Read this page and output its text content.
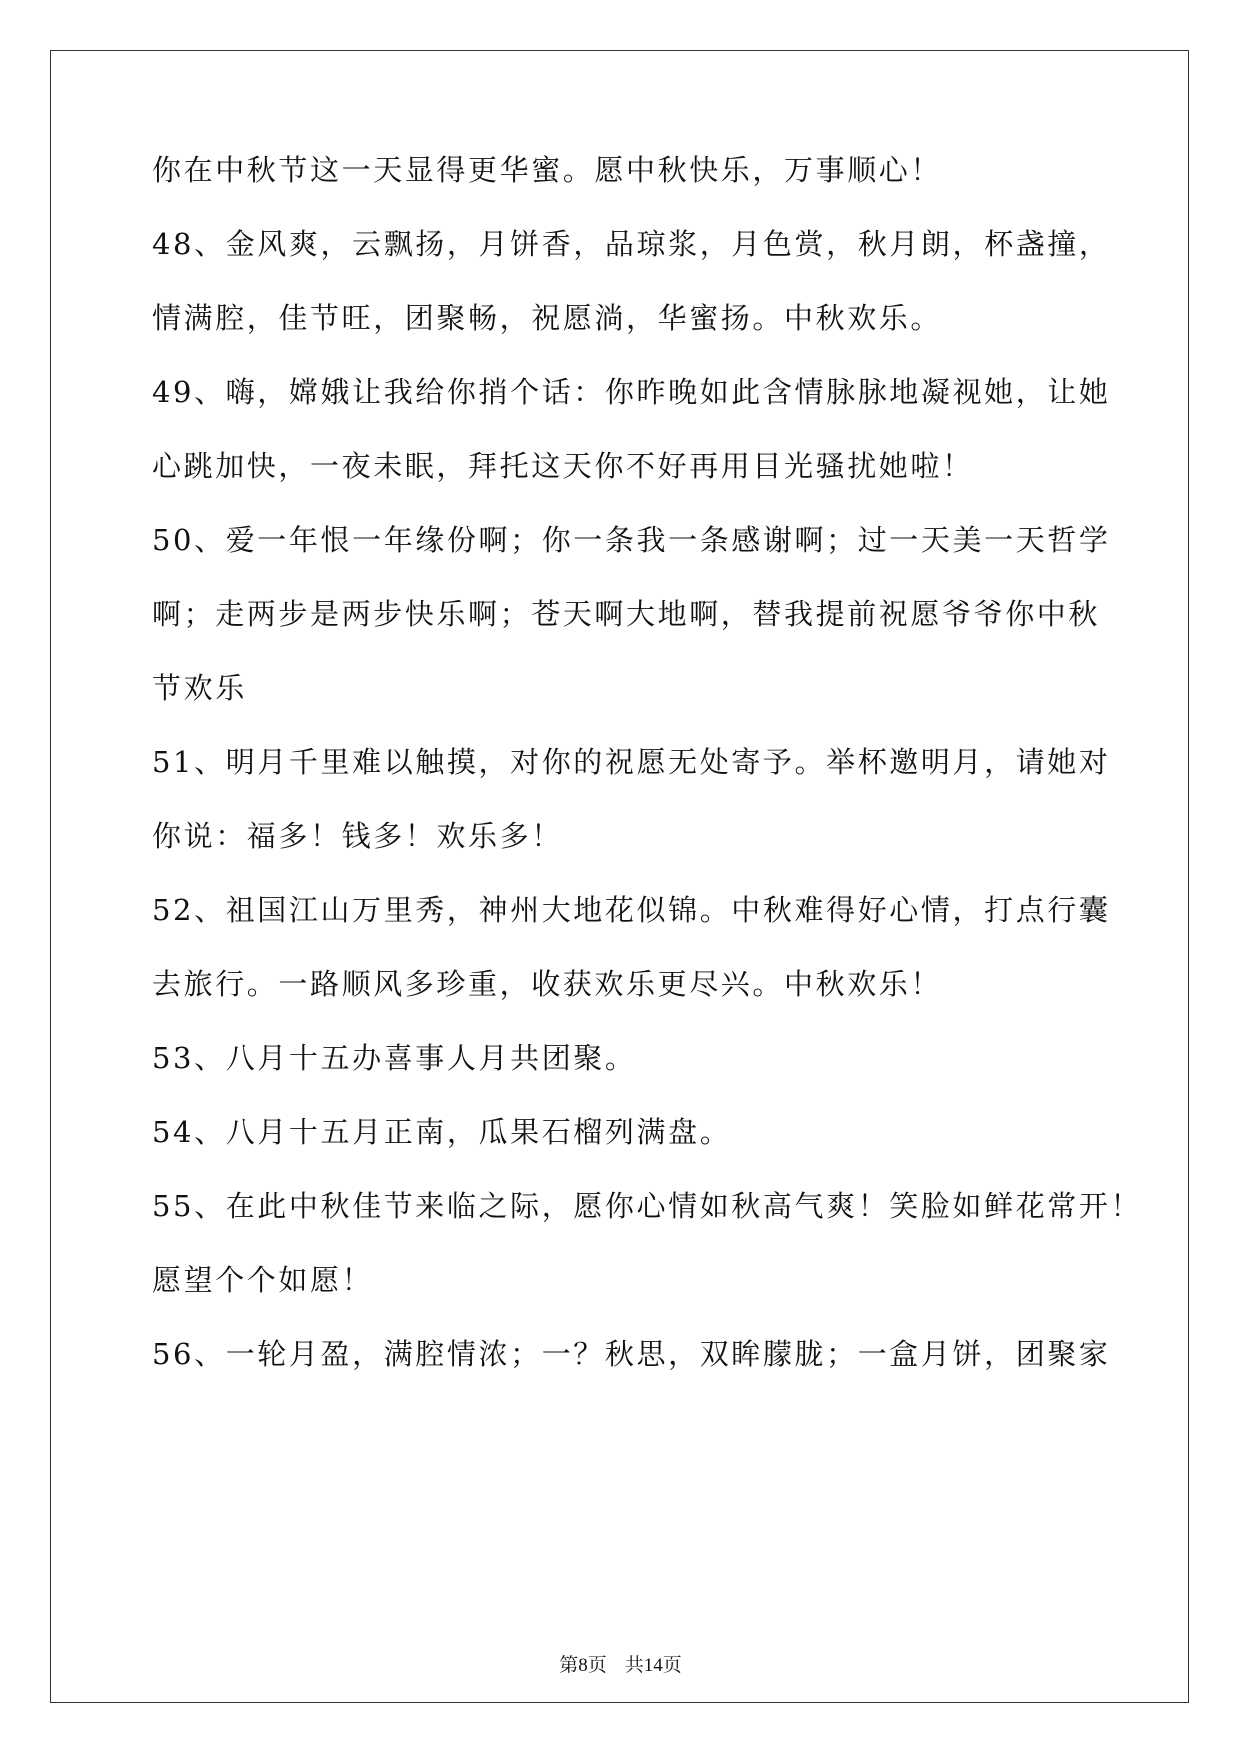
你在中秋节这一天显得更华蜜。愿中秋快乐，万事顺心！
48、金风爽，云飘扬，月饼香，品琼浆，月色赏，秋月朗，杯盏撞，
情满腔，佳节旺，团聚畅，祝愿淌，华蜜扬。中秋欢乐。
49、嗨，嫦娥让我给你捎个话：你昨晚如此含情脉脉地凝视她，让她
心跳加快，一夜未眠，拜托这天你不好再用目光骚扰她啦！
50、爱一年恨一年缘份啊；你一条我一条感谢啊；过一天美一天哲学
啊；走两步是两步快乐啊；苍天啊大地啊，替我提前祝愿爷爷你中秋
节欢乐
51、明月千里难以触摸，对你的祝愿无处寄予。举杯邀明月，请她对
你说：福多！钱多！欢乐多！
52、祖国江山万里秀，神州大地花似锦。中秋难得好心情，打点行囊
去旅行。一路顺风多珍重，收获欢乐更尽兴。中秋欢乐！
53、八月十五办喜事人月共团聚。
54、八月十五月正南，瓜果石榴列满盘。
55、在此中秋佳节来临之际，愿你心情如秋高气爽！笑脸如鲜花常开！
愿望个个如愿！
56、一轮月盈，满腔情浓；一？秋思，双眸朦胧；一盒月饼，团聚家
第8页 共14页
